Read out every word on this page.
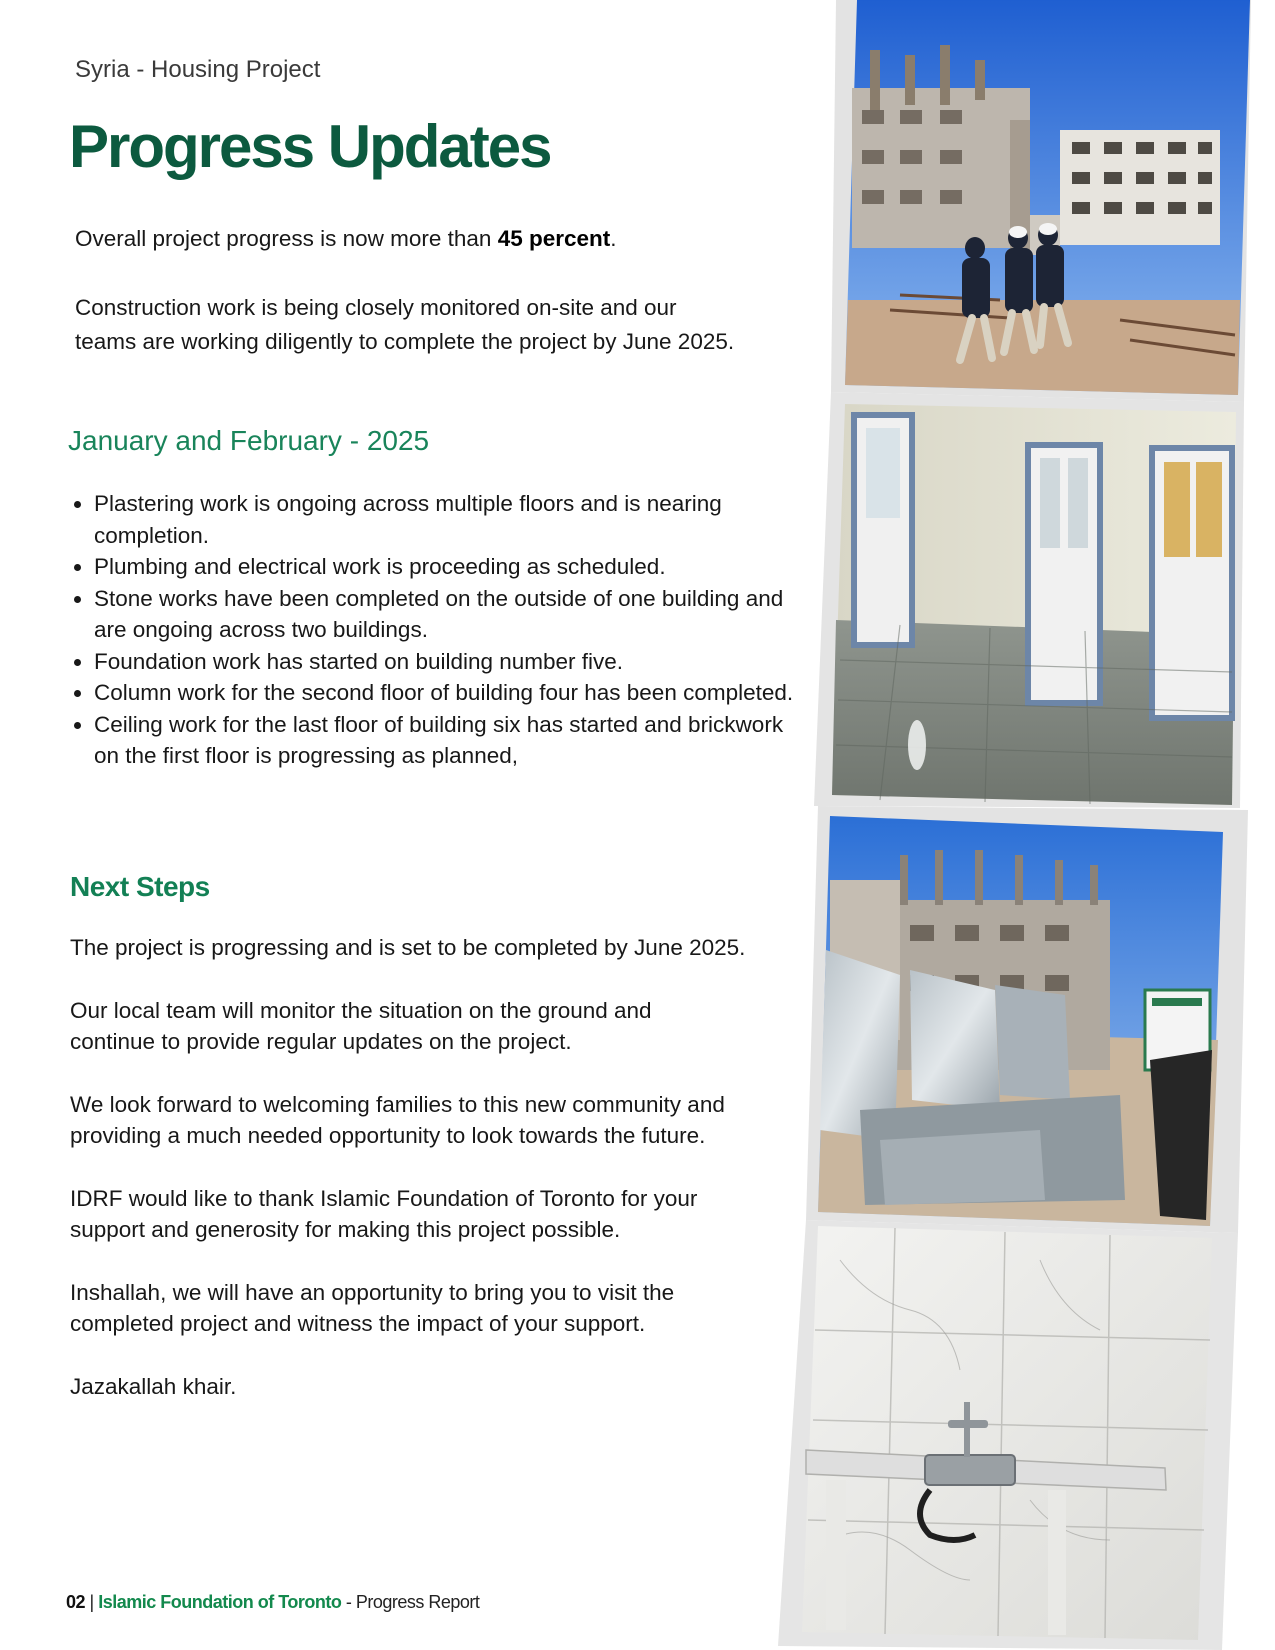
Syria - Housing Project
Progress Updates

Overall project progress is now more than 45 percent.

Construction work is being closely monitored on-site and our teams are working diligently to complete the project by June 2025.

January and February - 2025
• Plastering work is ongoing across multiple floors and is nearing completion.
• Plumbing and electrical work is proceeding as scheduled.
• Stone works have been completed on the outside of one building and are ongoing across two buildings.
• Foundation work has started on building number five.
• Column work for the second floor of building four has been completed.
• Ceiling work for the last floor of building six has started and brickwork on the first floor is progressing as planned,
Next Steps

The project is progressing and is set to be completed by June 2025.

Our local team will monitor the situation on the ground and continue to provide regular updates on the project.

We look forward to welcoming families to this new community and providing a much needed opportunity to look towards the future.

IDRF would like to thank Islamic Foundation of Toronto for your support and generosity for making this project possible.

Inshallah, we will have an opportunity to bring you to visit the completed project and witness the impact of your support.

Jazakallah khair.

02 | Islamic Foundation of Toronto - Progress Report
